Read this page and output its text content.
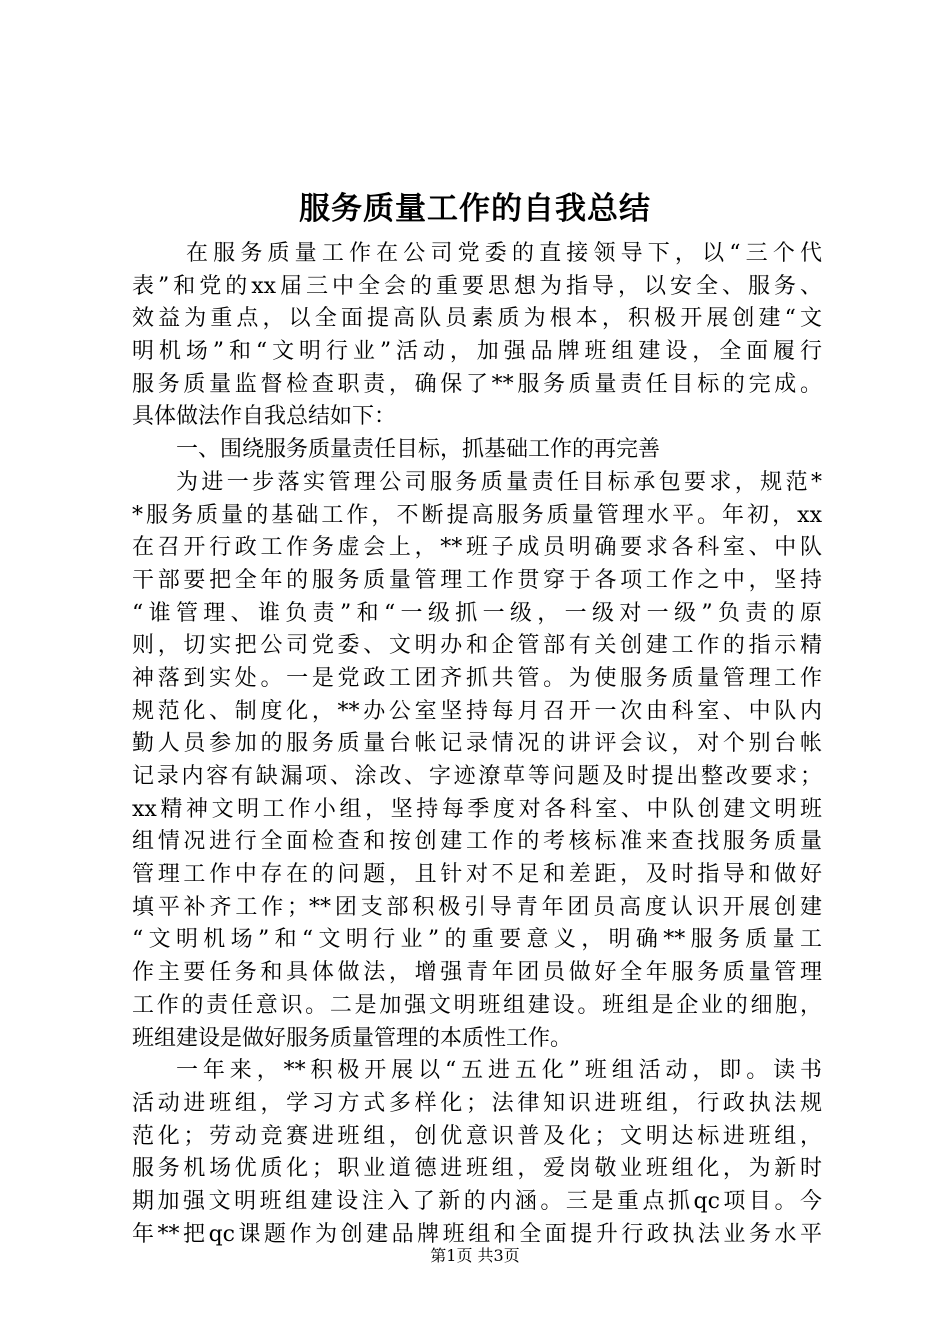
服务质量工作的自我总结
在服务质量工作在公司党委的直接领导下，以“三个代
表”和党的xx届三中全会的重要思想为指导，以安全、服务、
效益为重点，以全面提高队员素质为根本，积极开展创建“文
明机场”和“文明行业”活动，加强品牌班组建设，全面履行
服务质量监督检查职责，确保了**服务质量责任目标的完成。
具体做法作自我总结如下：
一、围绕服务质量责任目标，抓基础工作的再完善
为进一步落实管理公司服务质量责任目标承包要求，规范*
*服务质量的基础工作，不断提高服务质量管理水平。年初，xx
在召开行政工作务虚会上，**班子成员明确要求各科室、中队
干部要把全年的服务质量管理工作贯穿于各项工作之中，坚持
“谁管理、谁负责”和“一级抓一级，一级对一级”负责的原
则，切实把公司党委、文明办和企管部有关创建工作的指示精
神落到实处。一是党政工团齐抓共管。为使服务质量管理工作
规范化、制度化，**办公室坚持每月召开一次由科室、中队内
勤人员参加的服务质量台帐记录情况的讲评会议，对个别台帐
记录内容有缺漏项、涂改、字迹潦草等问题及时提出整改要求；
xx精神文明工作小组，坚持每季度对各科室、中队创建文明班
组情况进行全面检查和按创建工作的考核标准来查找服务质量
管理工作中存在的问题，且针对不足和差距，及时指导和做好
填平补齐工作；**团支部积极引导青年团员高度认识开展创建
“文明机场”和“文明行业”的重要意义，明确**服务质量工
作主要任务和具体做法，增强青年团员做好全年服务质量管理
工作的责任意识。二是加强文明班组建设。班组是企业的细胞，
班组建设是做好服务质量管理的本质性工作。
一年来，**积极开展以“五进五化”班组活动，即。读书
活动进班组，学习方式多样化；法律知识进班组，行政执法规
范化；劳动竞赛进班组，创优意识普及化；文明达标进班组，
服务机场优质化；职业道德进班组，爱岗敬业班组化，为新时
期加强文明班组建设注入了新的内涵。三是重点抓qc项目。今
年**把qc课题作为创建品牌班组和全面提升行政执法业务水平
第1页 共3页
